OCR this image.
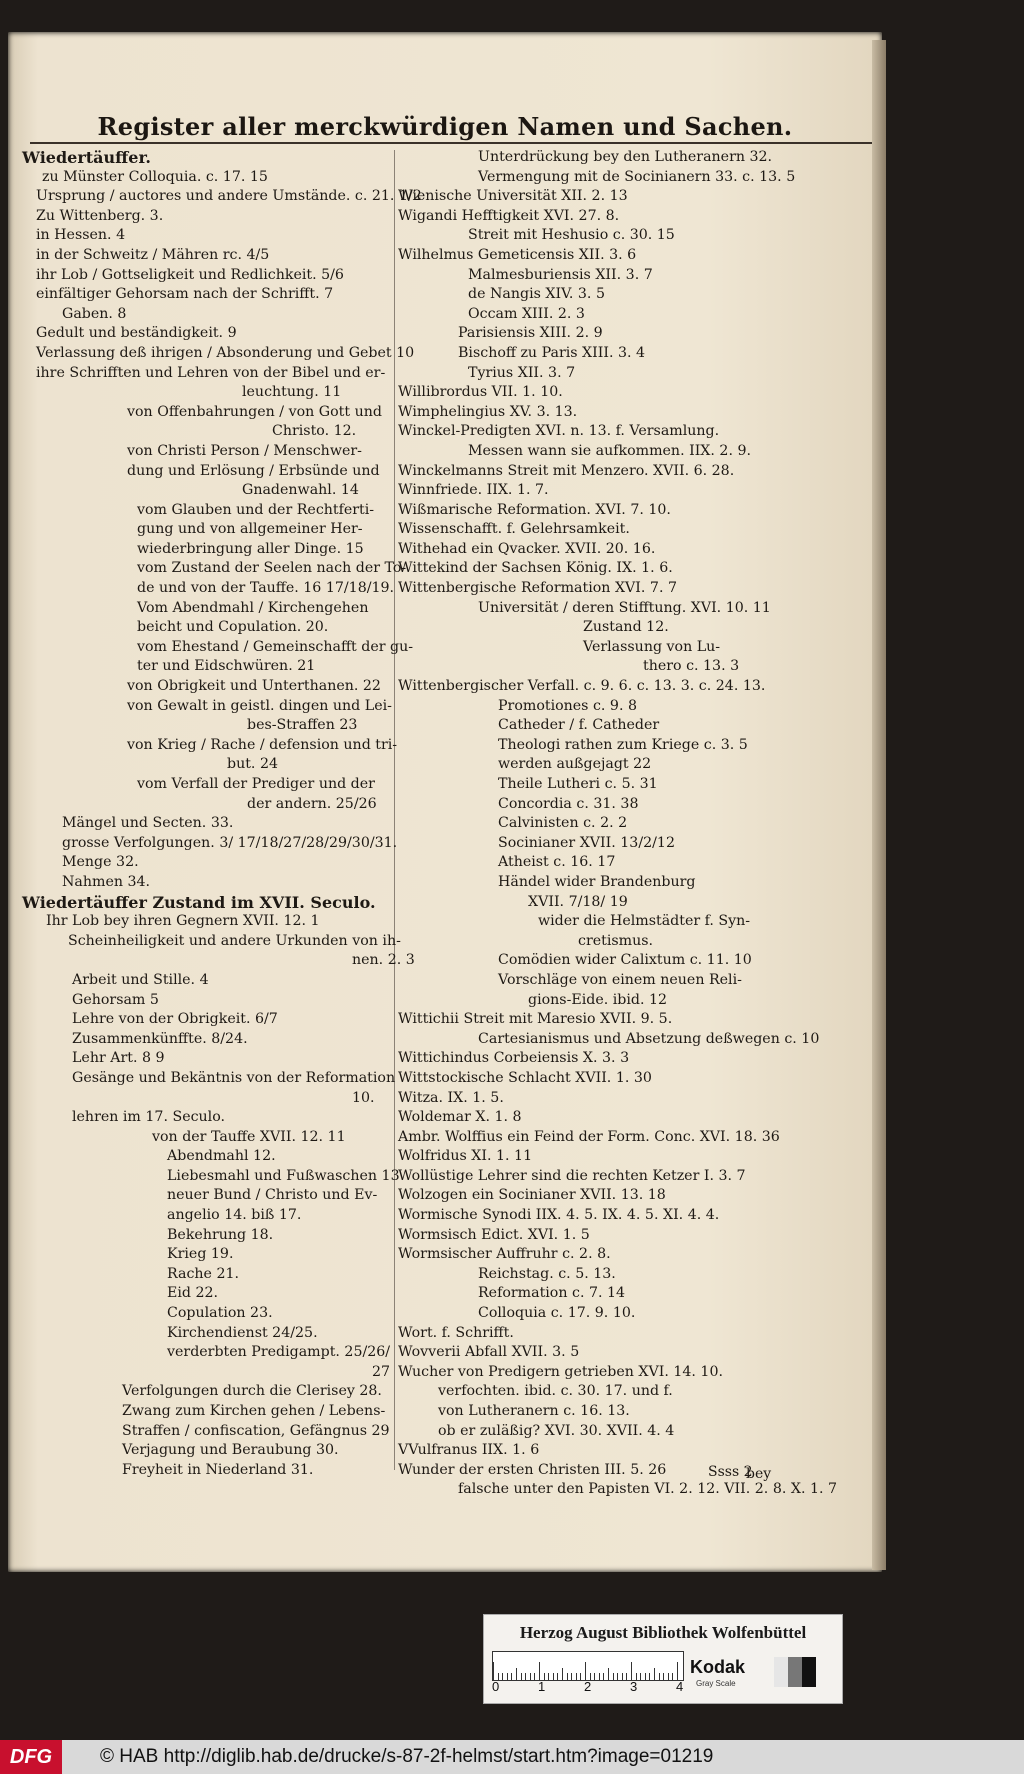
Register aller merckwürdigen Namen und Sachen.
Wiedertäuffer.
zu Münster Colloquia. c. 17. 15
Ursprung / auctores und andere Umstände. c. 21. 1/2
Zu Wittenberg. 3.
in Hessen. 4
in der Schweitz / Mähren rc. 4/5
ihr Lob / Gottseligkeit und Redlichkeit. 5/6
einfältiger Gehorsam nach der Schrifft. 7
Gaben. 8
Gedult und beständigkeit. 9
Verlassung deß ihrigen / Absonderung und Gebet 10
ihre Schrifften und Lehren von der Bibel und er-
leuchtung. 11
von Offenbahrungen / von Gott und
Christo. 12.
von Christi Person / Menschwer-
dung und Erlösung / Erbsünde und
Gnadenwahl. 14
vom Glauben und der Rechtferti-
gung und von allgemeiner Her-
wiederbringung aller Dinge. 15
vom Zustand der Seelen nach der To-
de und von der Tauffe. 16 17/18/19.
Vom Abendmahl / Kirchengehen
beicht und Copulation. 20.
vom Ehestand / Gemeinschafft der gu-
ter und Eidschwüren. 21
von Obrigkeit und Unterthanen. 22
von Gewalt in geistl. dingen und Lei-
bes-Straffen 23
von Krieg / Rache / defension und tri-
but. 24
vom Verfall der Prediger und der
der andern. 25/26
Mängel und Secten. 33.
grosse Verfolgungen. 3/ 17/18/27/28/29/30/31.
Menge 32.
Nahmen 34.
Wiedertäuffer Zustand im XVII. Seculo.
Ihr Lob bey ihren Gegnern XVII. 12. 1
Scheinheiligkeit und andere Urkunden von ih-
nen. 2. 3
Arbeit und Stille. 4
Gehorsam 5
Lehre von der Obrigkeit. 6/7
Zusammenkünffte. 8/24.
Lehr Art. 8 9
Gesänge und Bekäntnis von der Reformation
10.
lehren im 17. Seculo.
von der Tauffe XVII. 12. 11
Abendmahl 12.
Liebesmahl und Fußwaschen 13
neuer Bund / Christo und Ev-
angelio 14. biß 17.
Bekehrung 18.
Krieg 19.
Rache 21.
Eid 22.
Copulation 23.
Kirchendienst 24/25.
verderbten Predigampt. 25/26/
27
Verfolgungen durch die Clerisey 28.
Zwang zum Kirchen gehen / Lebens-
Straffen / confiscation, Gefängnus 29
Verjagung und Beraubung 30.
Freyheit in Niederland 31.
Unterdrückung bey den Lutheranern 32.
Vermengung mit de Socinianern 33. c. 13. 5
Wienische Universität XII. 2. 13
Wigandi Hefftigkeit XVI. 27. 8.
Streit mit Heshusio c. 30. 15
Wilhelmus Gemeticensis XII. 3. 6
Malmesburiensis XII. 3. 7
de Nangis XIV. 3. 5
Occam XIII. 2. 3
Parisiensis XIII. 2. 9
Bischoff zu Paris XIII. 3. 4
Tyrius XII. 3. 7
Willibrordus VII. 1. 10.
Wimphelingius XV. 3. 13.
Winckel-Predigten XVI. n. 13. f. Versamlung.
Messen wann sie aufkommen. IIX. 2. 9.
Winckelmanns Streit mit Menzero. XVII. 6. 28.
Winnfriede. IIX. 1. 7.
Wißmarische Reformation. XVI. 7. 10.
Wissenschafft. f. Gelehrsamkeit.
Withehad ein Qvacker. XVII. 20. 16.
Wittekind der Sachsen König. IX. 1. 6.
Wittenbergische Reformation XVI. 7. 7
Universität / deren Stifftung. XVI. 10. 11
Zustand 12.
Verlassung von Lu-
thero c. 13. 3
Wittenbergischer Verfall. c. 9. 6. c. 13. 3. c. 24. 13.
Promotiones c. 9. 8
Catheder / f. Catheder
Theologi rathen zum Kriege c. 3. 5
werden außgejagt 22
Theile Lutheri c. 5. 31
Concordia c. 31. 38
Calvinisten c. 2. 2
Socinianer XVII. 13/2/12
Atheist c. 16. 17
Händel wider Brandenburg
XVII. 7/18/ 19
wider die Helmstädter f. Syn-
cretismus.
Comödien wider Calixtum c. 11. 10
Vorschläge von einem neuen Reli-
gions-Eide. ibid. 12
Wittichii Streit mit Maresio XVII. 9. 5.
Cartesianismus und Absetzung deßwegen c. 10
Wittichindus Corbeiensis X. 3. 3
Wittstockische Schlacht XVII. 1. 30
Witza. IX. 1. 5.
Woldemar X. 1. 8
Ambr. Wolffius ein Feind der Form. Conc. XVI. 18. 36
Wolfridus XI. 1. 11
Wollüstige Lehrer sind die rechten Ketzer I. 3. 7
Wolzogen ein Socinianer XVII. 13. 18
Wormische Synodi IIX. 4. 5. IX. 4. 5. XI. 4. 4.
Wormsisch Edict. XVI. 1. 5
Wormsischer Auffruhr c. 2. 8.
Reichstag. c. 5. 13.
Reformation c. 7. 14
Colloquia c. 17. 9. 10.
Wort. f. Schrifft.
Wovverii Abfall XVII. 3. 5
Wucher von Predigern getrieben XVI. 14. 10.
verfochten. ibid. c. 30. 17. und f.
von Lutheranern c. 16. 13.
ob er zuläßig? XVI. 30. XVII. 4. 4
VVulfranus IIX. 1. 6
Wunder der ersten Christen III. 5. 26
falsche unter den Papisten VI. 2. 12. VII. 2. 8. X. 1. 7
Ssss 2
bey
Herzog August Bibliothek Wolfenbüttel
0	1	2	3	4
Kodak
Gray Scale
DFG	© HAB http://diglib.hab.de/drucke/s-87-2f-helmst/start.htm?image=01219
